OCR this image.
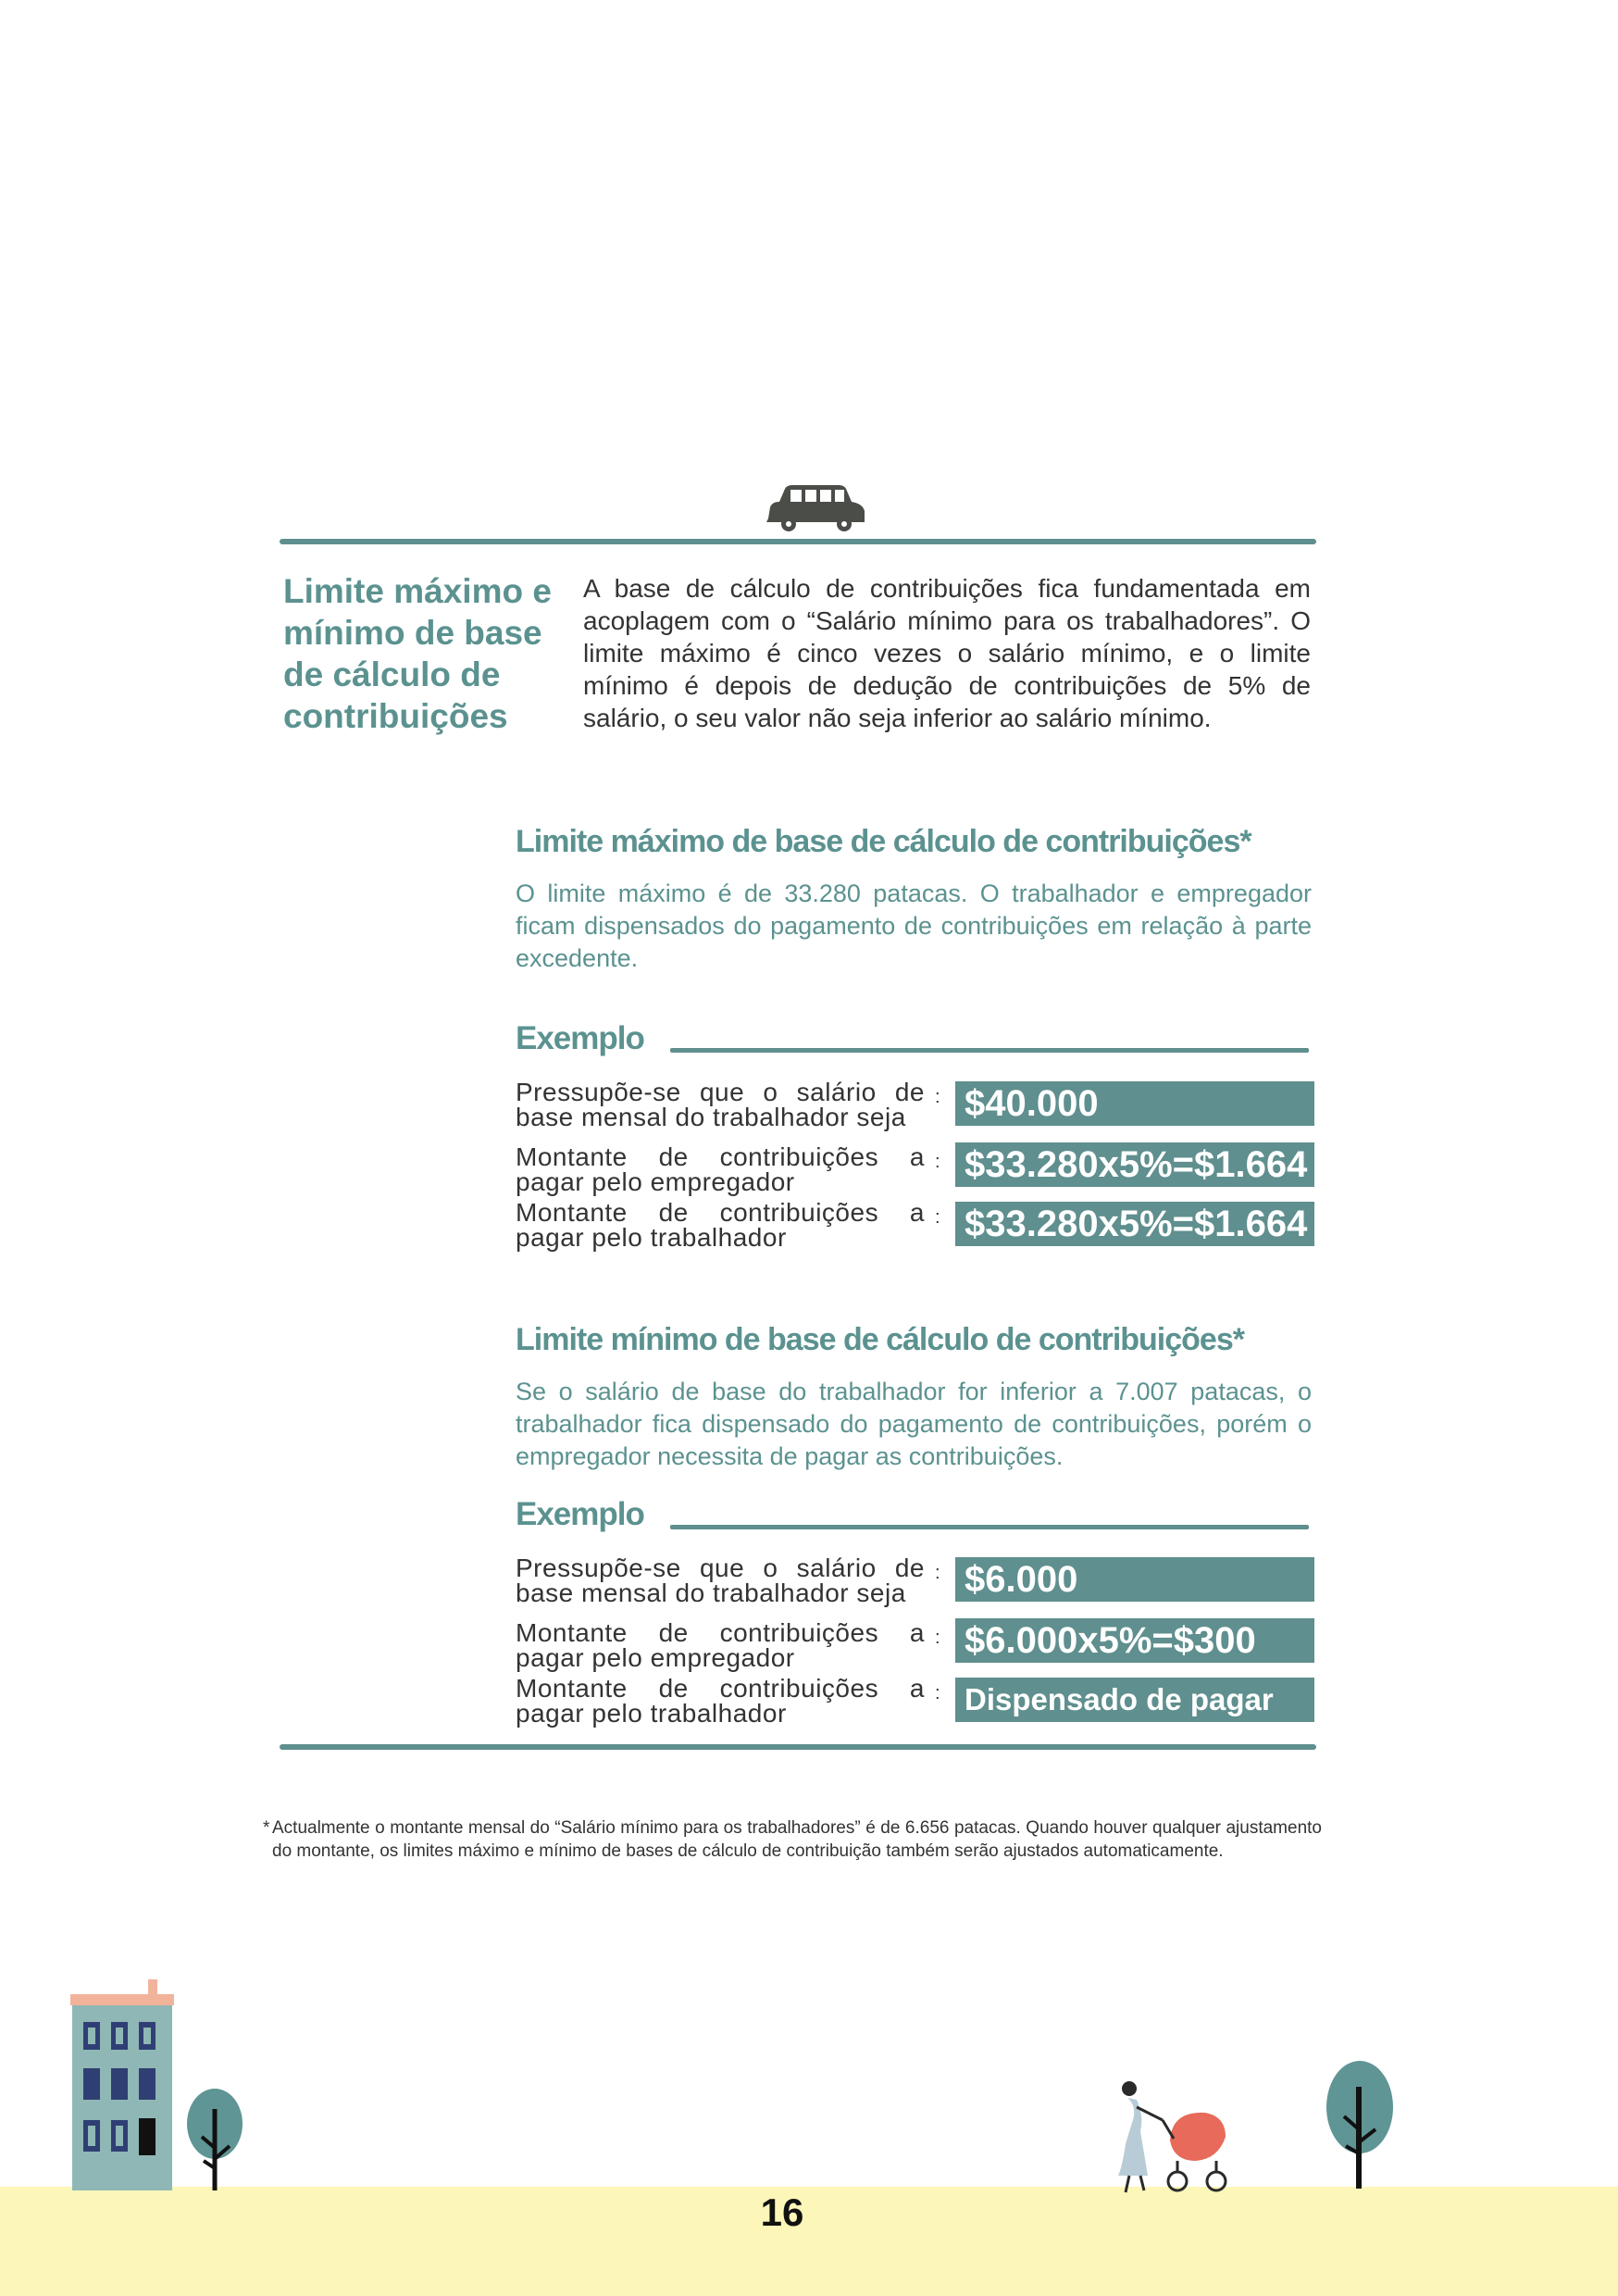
Limite máximo e mínimo de base de cálculo de contribuições
A base de cálculo de contribuições fica fundamentada em acoplagem com o “Salário mínimo para os trabalhadores”. O limite máximo é cinco vezes o salário mínimo, e o limite mínimo é depois de dedução de contribuições de 5% de salário, o seu valor não seja inferior ao salário mínimo.
Limite máximo de base de cálculo de contribuições*
O limite máximo é de 33.280 patacas. O trabalhador e empregador ficam dispensados do pagamento de contribuições em relação à parte excedente.
Exemplo
Pressupõe-se que o salário de base mensal do trabalhador seja
: $40.000
Montante de contribuições a pagar pelo empregador
: $33.280x5%=$1.664
Montante de contribuições a pagar pelo trabalhador
: $33.280x5%=$1.664
Limite mínimo de base de cálculo de contribuições*
Se o salário de base do trabalhador for inferior a 7.007 patacas, o trabalhador fica dispensado do pagamento de contribuições, porém o empregador necessita de pagar as contribuições.
Exemplo
Pressupõe-se que o salário de base mensal do trabalhador seja
: $6.000
Montante de contribuições a pagar pelo empregador
: $6.000x5%=$300
Montante de contribuições a pagar pelo trabalhador
: Dispensado de pagar
* Actualmente o montante mensal do “Salário mínimo para os trabalhadores” é de 6.656 patacas. Quando houver qualquer ajustamento do montante, os limites máximo e mínimo de bases de cálculo de contribuição também serão ajustados automaticamente.
16
